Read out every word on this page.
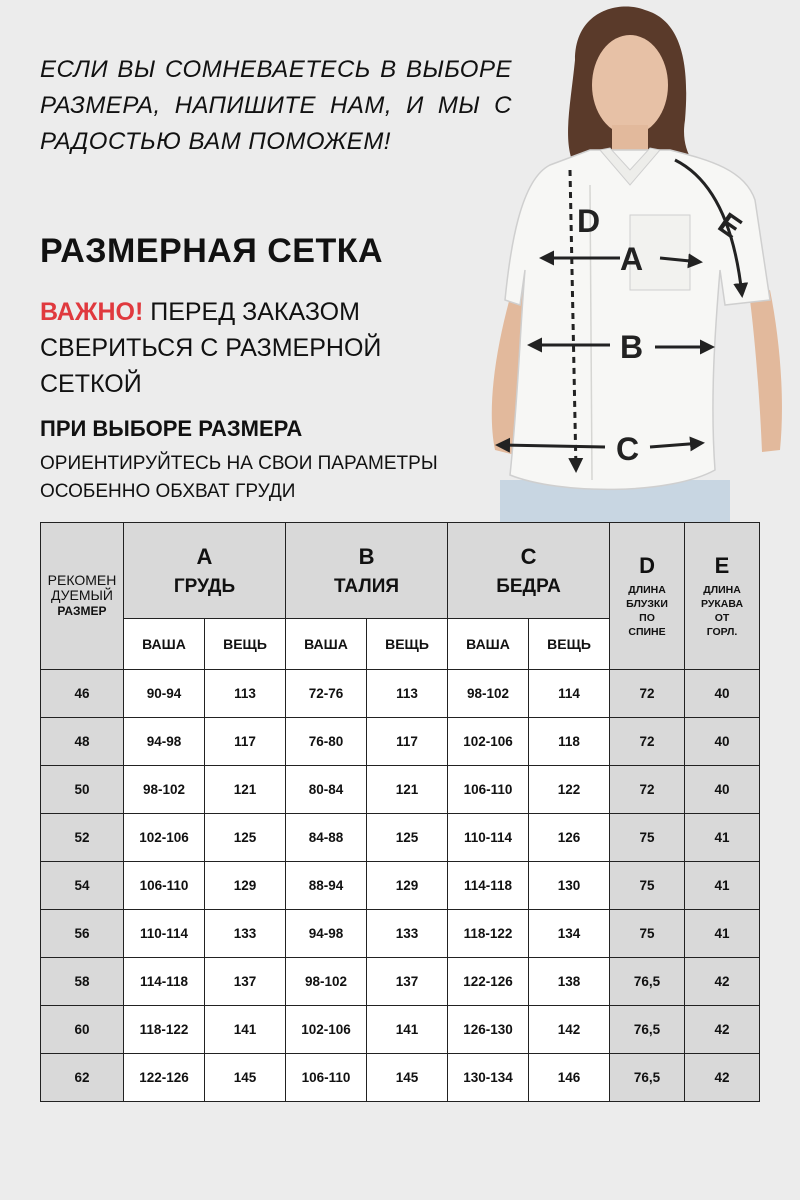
ЕСЛИ ВЫ СОМНЕВАЕТЕСЬ В ВЫБОРЕ
РАЗМЕРА, НАПИШИТЕ НАМ, И МЫ С
РАДОСТЬЮ ВАМ ПОМОЖЕМ!
РАЗМЕРНАЯ СЕТКА
ВАЖНО! ПЕРЕД ЗАКАЗОМ СВЕРИТЬСЯ С РАЗМЕРНОЙ СЕТКОЙ
ПРИ ВЫБОРЕ РАЗМЕРА
ОРИЕНТИРУЙТЕСЬ НА СВОИ ПАРАМЕТРЫ ОСОБЕННО ОБХВАТ ГРУДИ
D
A
B
C
E
РЕКОМЕН
ДУЕМЫЙ
РАЗМЕР	A
ГРУДЬ		B
ТАЛИЯ		C
БЕДРА		D
ДЛИНА
БЛУЗКИ
ПО
СПИНЕ	E
ДЛИНА
РУКАВА
ОТ
ГОРЛ.

	ВАША	ВЕЩЬ	ВАША	ВЕЩЬ	ВАША	ВЕЩЬ		
46	90-94	113	72-76	113	98-102	114	72	40
48	94-98	117	76-80	117	102-106	118	72	40
50	98-102	121	80-84	121	106-110	122	72	40
52	102-106	125	84-88	125	110-114	126	75	41
54	106-110	129	88-94	129	114-118	130	75	41
56	110-114	133	94-98	133	118-122	134	75	41
58	114-118	137	98-102	137	122-126	138	76,5	42
60	118-122	141	102-106	141	126-130	142	76,5	42
62	122-126	145	106-110	145	130-134	146	76,5	42
